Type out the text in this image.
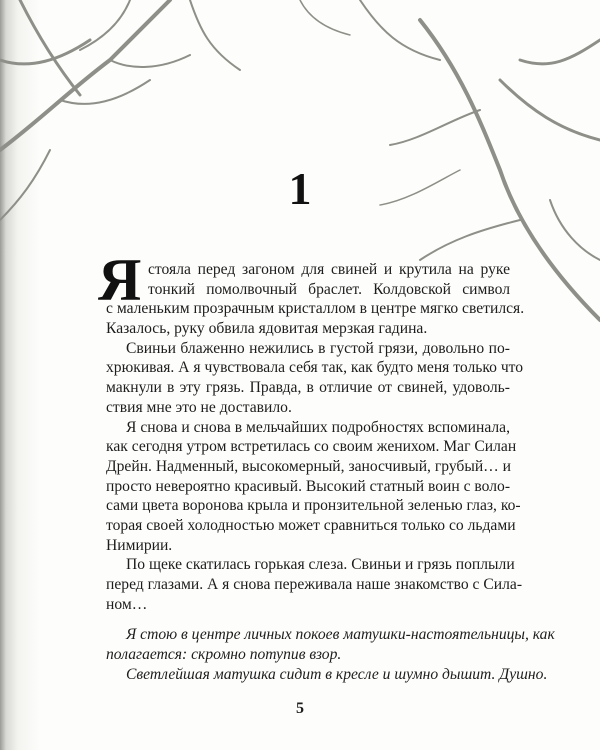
1
Я стояла перед загоном для свиней и крутила на руке
тонкий помолвочный браслет. Колдовской символ
с маленьким прозрачным кристаллом в центре мягко светился.
Казалось, руку обвила ядовитая мерзкая гадина.
Свиньи блаженно нежились в густой грязи, довольно по-
хрюкивая. А я чувствовала себя так, как будто меня только что
макнули в эту грязь. Правда, в отличие от свиней, удоволь-
ствия мне это не доставило.
Я снова и снова в мельчайших подробностях вспоминала,
как сегодня утром встретилась со своим женихом. Маг Силан
Дрейн. Надменный, высокомерный, заносчивый, грубый… и
просто невероятно красивый. Высокий статный воин с воло-
сами цвета воронова крыла и пронзительной зеленью глаз, ко-
торая своей холодностью может сравниться только со льдами
Нимирии.
По щеке скатилась горькая слеза. Свиньи и грязь поплыли
перед глазами. А я снова переживала наше знакомство с Сила-
ном…
Я стою в центре личных покоев матушки-настоятельницы, как
полагается: скромно потупив взор.
Светлейшая матушка сидит в кресле и шумно дышит. Душно.
5
